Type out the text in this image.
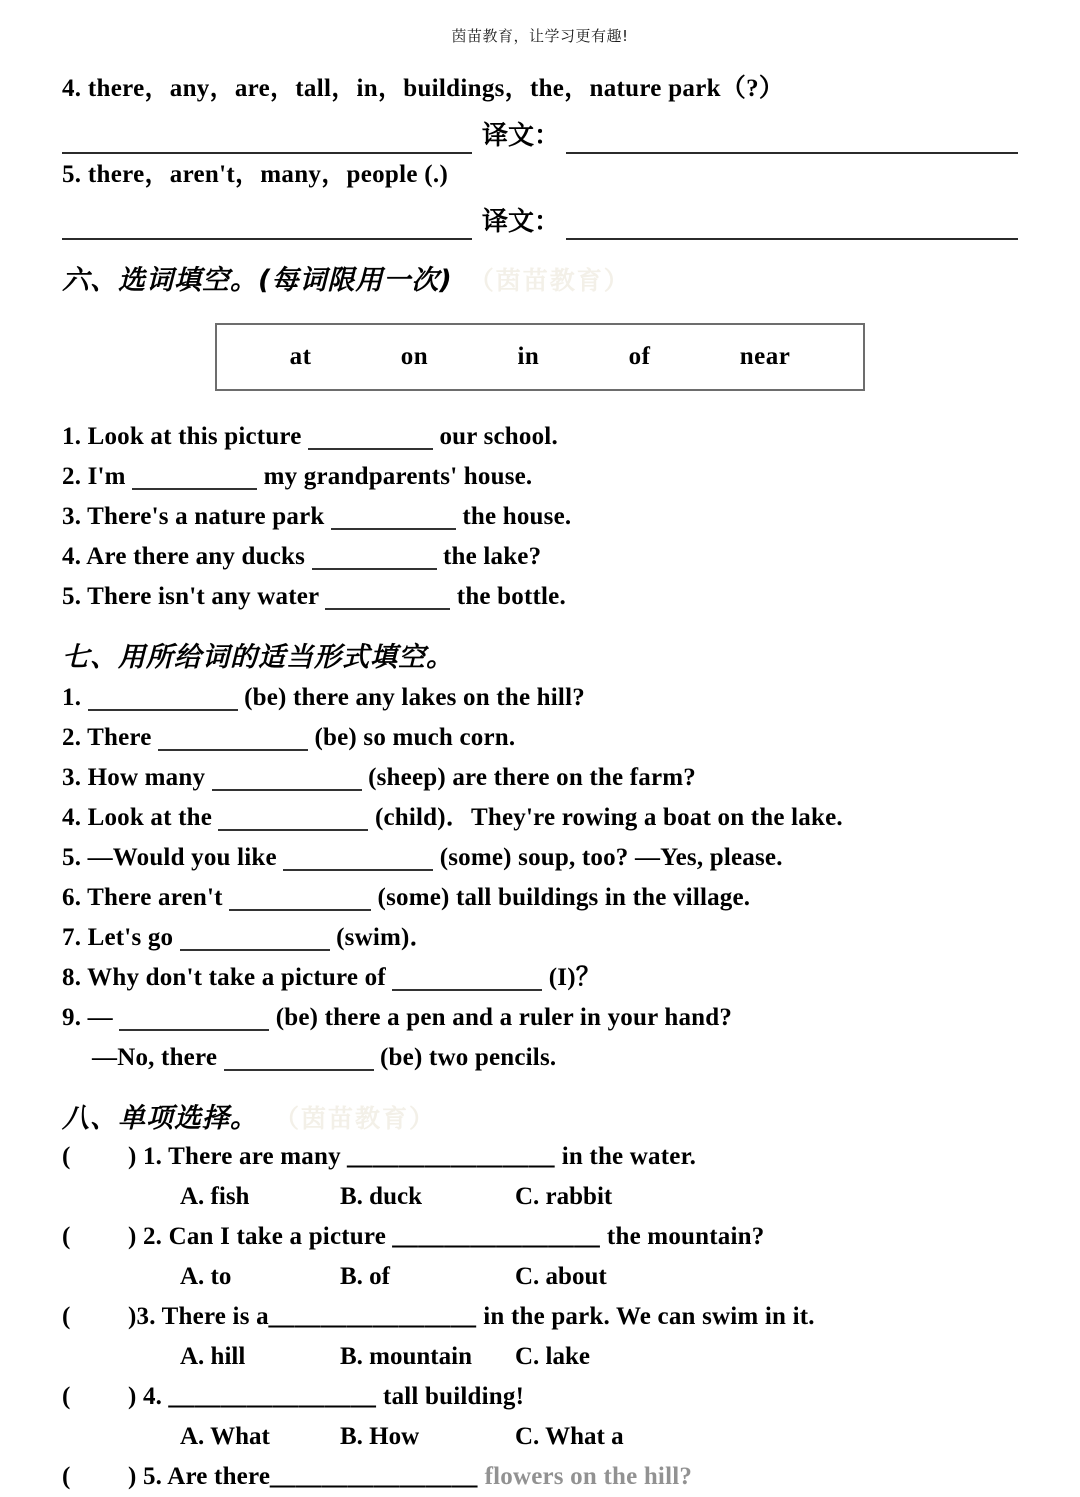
茵苗教育，让学习更有趣!
4. there，any，are，tall，in，buildings，the，nature park（?）
译文：
5. there，aren't，many，people (.)
译文：
六、选词填空。(每词限用一次) （茵苗教育）
at	on	in	of	near
1. Look at this picture	our school.
2. I'm	my grandparents' house.
3. There's a nature park	the house.
4. Are there any ducks	the lake?
5. There isn't any water	the bottle.
七、用所给词的适当形式填空。
1.	(be) there any lakes on the hill?
2. There	(be) so much corn.
3. How many	(sheep) are there on the farm?
4. Look at the	(child)．They're rowing a boat on the lake.
5. —Would you like	(some) soup, too? —Yes, please.
6. There aren't	(some) tall buildings in the village.
7. Let's go	(swim)．
8. Why don't take a picture of	(I)？
9. —	(be) there a pen and a ruler in your hand?
—No, there	(be) two pencils.
八、单项选择。 （茵苗教育）
( ) 1. There are many ＿＿＿＿＿＿＿＿ in the water.
A. fish	B. duck	C. rabbit
( ) 2. Can I take a picture ＿＿＿＿＿＿＿＿ the mountain?
A. to	B. of	C. about
( )3. There is a＿＿＿＿＿＿＿＿ in the park. We can swim in it.
A. hill	B. mountain C. lake
( ) 4. ＿＿＿＿＿＿＿＿ tall building!
A. What	B. How	C. What a
( ) 5. Are there＿＿＿＿＿＿＿＿ flowers on the hill?
